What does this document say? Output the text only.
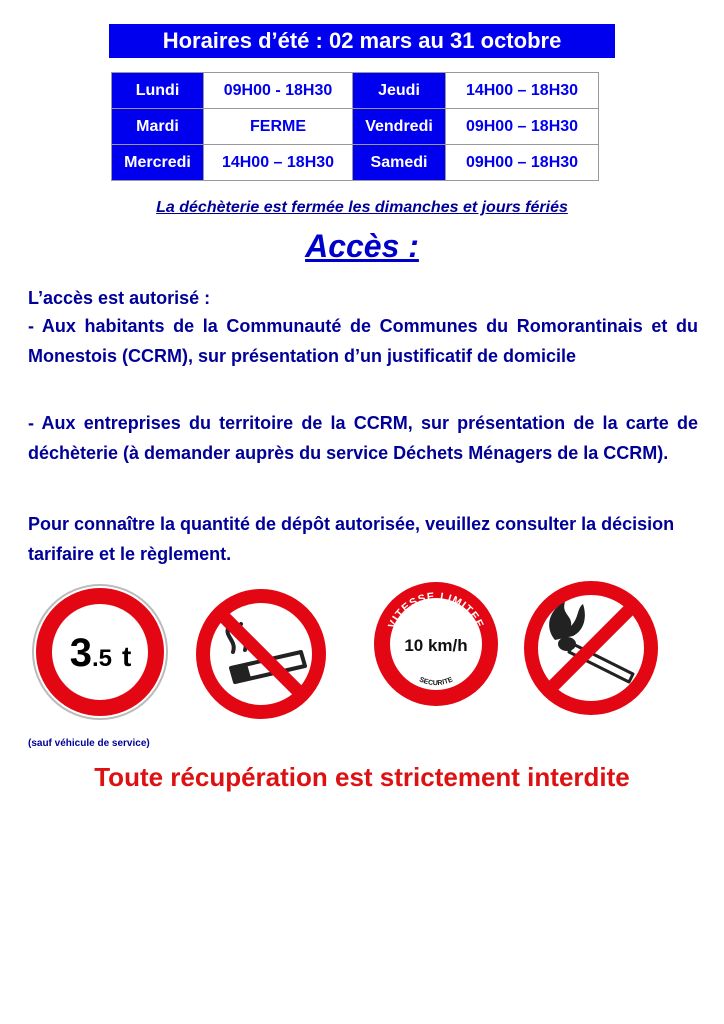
Horaires d’été : 02 mars au 31 octobre
Lundi	09H00 - 18H30	Jeudi	14H00 – 18H30
Mardi	FERME	Vendredi	09H00 – 18H30
Mercredi	14H00 – 18H30	Samedi	09H00 – 18H30
La déchèterie est fermée les dimanches et jours fériés
Accès :
L’accès est autorisé :
- Aux habitants de la Communauté de Communes du Romorantinais et du Monestois (CCRM), sur présentation d’un justificatif de domicile
- Aux entreprises du territoire de la CCRM, sur présentation de la carte de déchèterie (à demander auprès du service Déchets Ménagers de la CCRM).
Pour connaître la quantité de dépôt autorisée, veuillez consulter la décision tarifaire et le règlement.
3 .5 t
VITESSE LIMITEE
10 km/h
SECURITE
(sauf véhicule de service)
Toute récupération est strictement interdite
